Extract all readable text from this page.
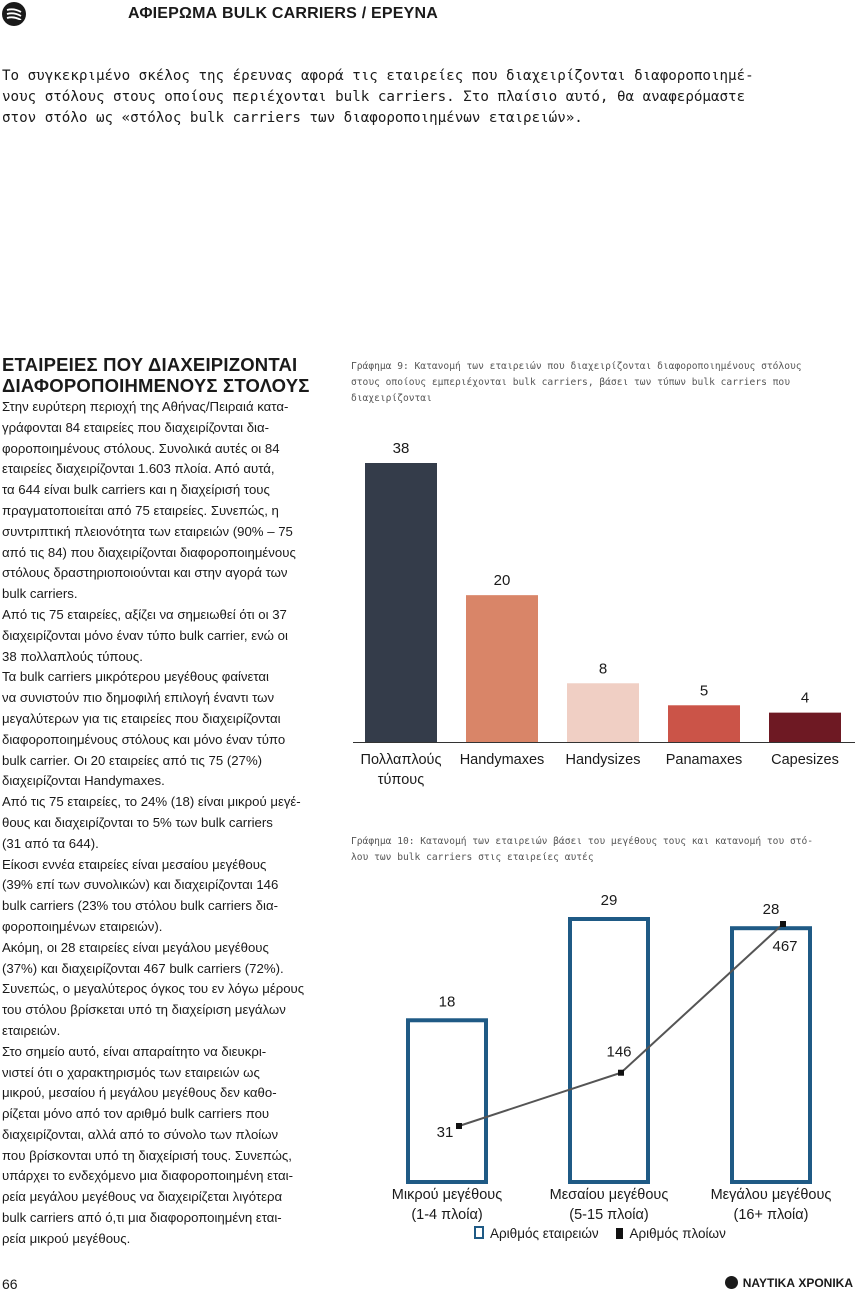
ΑΦΙΕΡΩΜΑ BULK CARRIERS / ΕΡΕΥΝΑ

Το συγκεκριμένο σκέλος της έρευνας αφορά τις εταιρείες που διαχειρίζονται διαφοροποιημέ-

νους στόλους στους οποίους περιέχονται bulk carriers. Στο πλαίσιο αυτό, θα αναφερόμαστε

στον στόλο ως «στόλος bulk carriers των διαφοροποιημένων εταιρειών».

ΕΤΑΙΡΕΙΕΣ ΠΟΥ ΔΙΑΧΕΙΡΙΖΟΝΤΑΙ
ΔΙΑΦΟΡΟΠΟΙΗΜΕΝΟΥΣ ΣΤΟΛΟΥΣ
Στην ευρύτερη περιοχή της Αθήνας/Πειραιά κατα-
γράφονται 84 εταιρείες που διαχειρίζονται δια-
φοροποιημένους στόλους. Συνολικά αυτές οι 84
εταιρείες διαχειρίζονται 1.603 πλοία. Από αυτά,
τα 644 είναι bulk carriers και η διαχείρισή τους
πραγματοποιείται από 75 εταιρείες. Συνεπώς, η
συντριπτική πλειονότητα των εταιρειών (90% – 75
από τις 84) που διαχειρίζονται διαφοροποιημένους
στόλους δραστηριοποιούνται και στην αγορά των
bulk carriers.
Από τις 75 εταιρείες, αξίζει να σημειωθεί ότι οι 37
διαχειρίζονται μόνο έναν τύπο bulk carrier, ενώ οι
38 πολλαπλούς τύπους.
Τα bulk carriers μικρότερου μεγέθους φαίνεται
να συνιστούν πιο δημοφιλή επιλογή έναντι των
μεγαλύτερων για τις εταιρείες που διαχειρίζονται
διαφοροποιημένους στόλους και μόνο έναν τύπο
bulk carrier. Οι 20 εταιρείες από τις 75 (27%)
διαχειρίζονται Handymaxes.
Από τις 75 εταιρείες, το 24% (18) είναι μικρού μεγέ-
θους και διαχειρίζονται το 5% των bulk carriers
(31 από τα 644).
Είκοσι εννέα εταιρείες είναι μεσαίου μεγέθους
(39% επί των συνολικών) και διαχειρίζονται 146
bulk carriers (23% του στόλου bulk carriers δια-
φοροποιημένων εταιρειών).
Ακόμη, οι 28 εταιρείες είναι μεγάλου μεγέθους
(37%) και διαχειρίζονται 467 bulk carriers (72%).
Συνεπώς, ο μεγαλύτερος όγκος του εν λόγω μέρους
του στόλου βρίσκεται υπό τη διαχείριση μεγάλων
εταιρειών.
Στο σημείο αυτό, είναι απαραίτητο να διευκρι-
νιστεί ότι ο χαρακτηρισμός των εταιρειών ως
μικρού, μεσαίου ή μεγάλου μεγέθους δεν καθο-
ρίζεται μόνο από τον αριθμό bulk carriers που
διαχειρίζονται, αλλά από το σύνολο των πλοίων
που βρίσκονται υπό τη διαχείρισή τους. Συνεπώς,
υπάρχει το ενδεχόμενο μια διαφοροποιημένη εται-
ρεία μεγάλου μεγέθους να διαχειρίζεται λιγότερα
bulk carriers από ό,τι μια διαφοροποιημένη εται-
ρεία μικρού μεγέθους.
Γράφημα 9: Κατανομή των εταιρειών που διαχειρίζονται διαφοροποιημένους στόλους
στους οποίους εμπεριέχονται bulk carriers, βάσει των τύπων bulk carriers που
διαχειρίζονται
38
Πολλαπλούς
τύπους
20
Handymaxes
8
Handysizes
5
Panamaxes
4
Capesizes
Γράφημα 10: Κατανομή των εταιρειών βάσει του μεγέθους τους και κατανομή του στό-
λου των bulk carriers στις εταιρείες αυτές
18
Μικρού μεγέθους
(1-4 πλοία)
29
Μεσαίου μεγέθους
(5-15 πλοία)
28
Μεγάλου μεγέθους
(16+ πλοία)
31
146
467
Αριθμός εταιρειών Αριθμός πλοίων
66	ΝΑΥΤΙΚΑ ΧΡΟΝΙΚΑ
